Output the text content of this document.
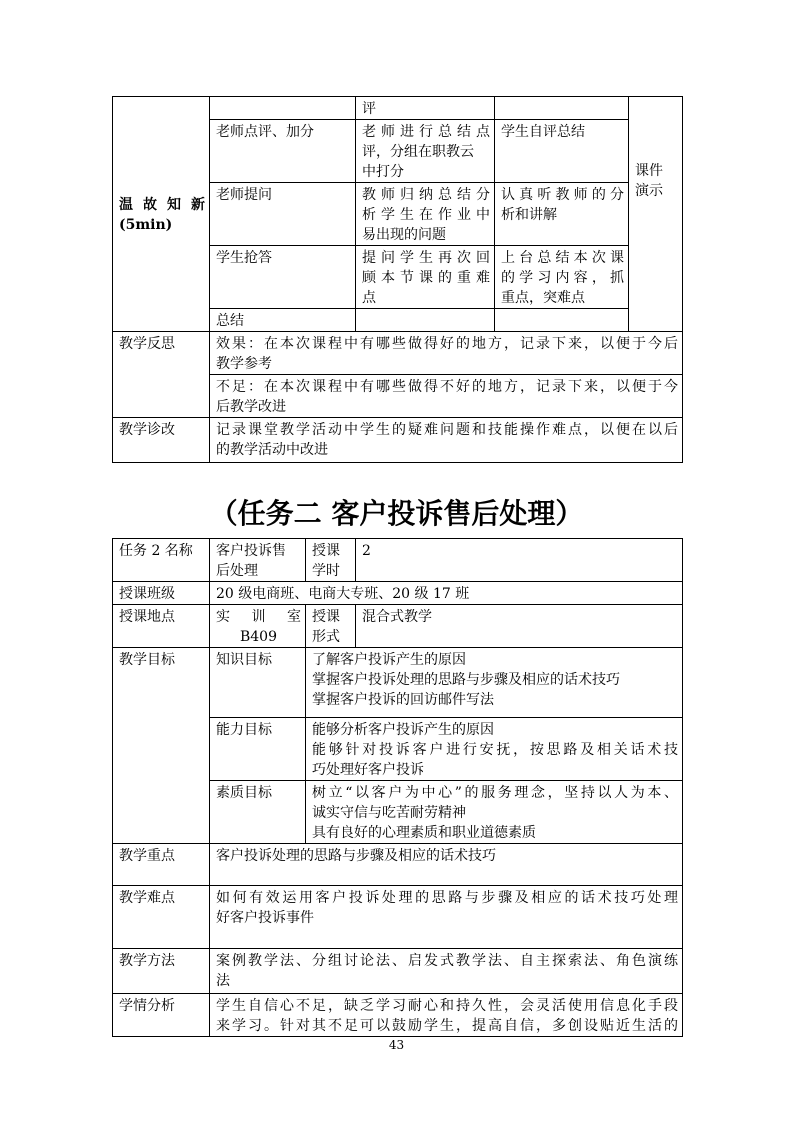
温故知新
(5min)		评		课件
演示

	老师点评、加分	老师进行总结点
评，分组在职教云
中打分	学生自评总结	
	老师提问	教师归纳总结分
析学生在作业中
易出现的问题	认真听教师的分
析和讲解	

	学生抢答	提问学生再次回
顾本节课的重难
点	上台总结本次课
的学习内容，抓
重点，突难点	

	总结			
教学反思	效果：在本次课程中有哪些做得好的地方，记录下来，以便于今后
教学参考			

	不足：在本次课程中有哪些做得不好的地方，记录下来，以便于今
后教学改进			

教学诊改	记录课堂教学活动中学生的疑难问题和技能操作难点，以便在以后
的教学活动中改进			
（任务二 客户投诉售后处理）
任务 2 名称	客户投诉售
后处理	授课
学时	2
授课班级	20 级电商班、电商大专班、20 级 17 班		
授课地点	实 训 室
B409	授课
形式	混合式教学
教学目标	知识目标	了解客户投诉产生的原因
掌握客户投诉处理的思路与步骤及相应的话术技巧
掌握客户投诉的回访邮件写法	

	能力目标	能够分析客户投诉产生的原因
能够针对投诉客户进行安抚，按思路及相关话术技
巧处理好客户投诉	

	素质目标	树立“以客户为中心”的服务理念，坚持以人为本、
诚实守信与吃苦耐劳精神
具有良好的心理素质和职业道德素质	

教学重点	客户投诉处理的思路与步骤及相应的话术技巧		
教学难点	如何有效运用客户投诉处理的思路与步骤及相应的话术技巧处理
好客户投诉事件		

教学方法	案例教学法、分组讨论法、启发式教学法、自主探索法、角色演练
法		

学情分析	学生自信心不足，缺乏学习耐心和持久性，会灵活使用信息化手段
来学习。针对其不足可以鼓励学生，提高自信，多创设贴近生活的		
43
